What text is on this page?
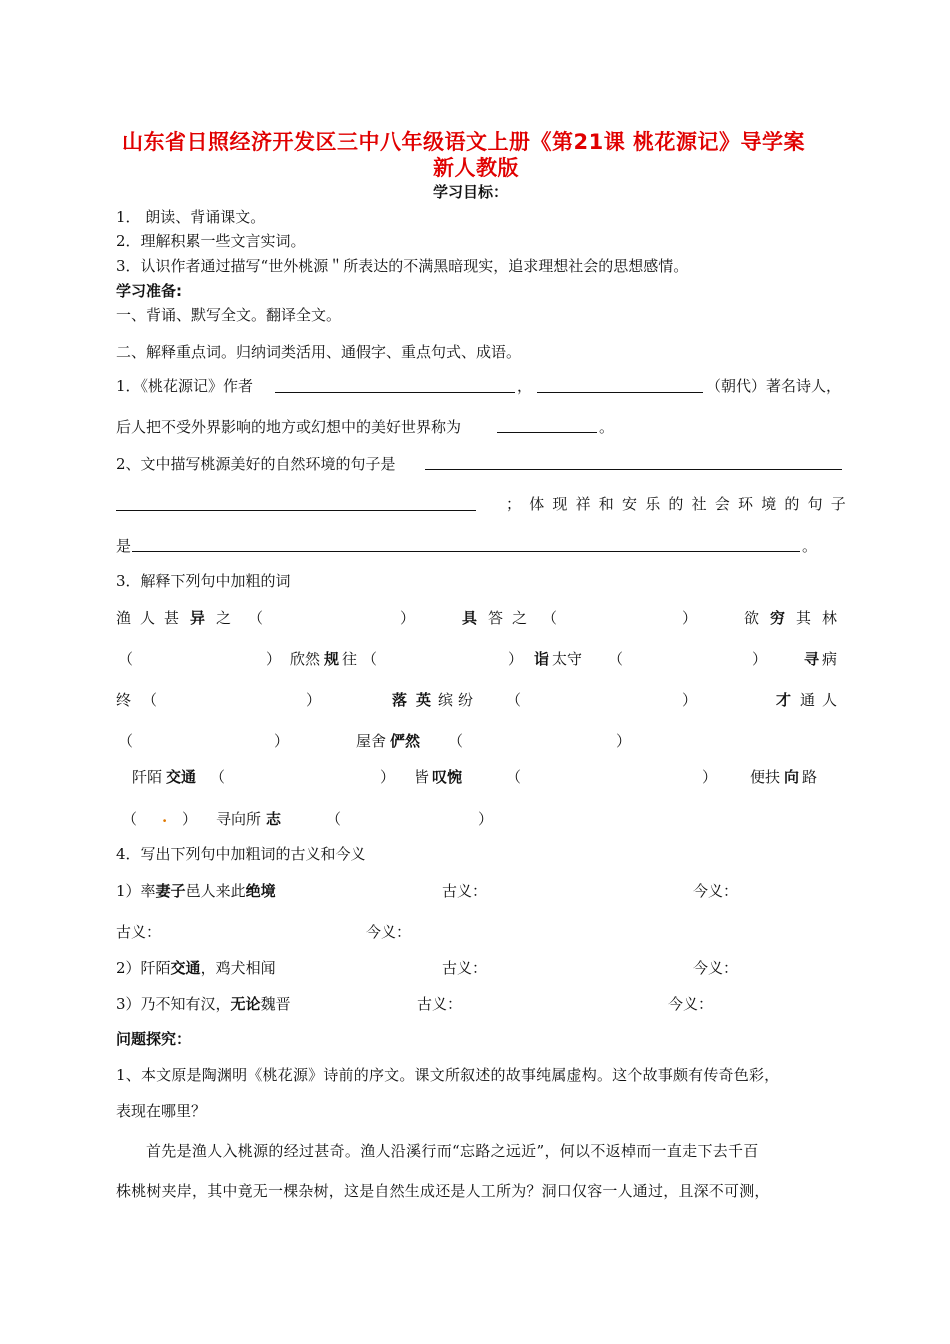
山东省日照经济开发区三中八年级语文上册《第21课 桃花源记》导学案
新人教版
学习目标：
1． 朗读、背诵课文。
2．理解积累一些文言实词。
3．认识作者通过描写“世外桃源＂所表达的不满黑暗现实，追求理想社会的思想感情。
学习准备:
一、背诵、默写全文。翻译全文。
二、解释重点词。归纳词类活用、通假字、重点句式、成语。
1．《桃花源记》作者	，	（朝代）著名诗人，
后人把不受外界影响的地方或幻想中的美好世界称为	。
2、文中描写桃源美好的自然环境的句子是
；体现祥和安乐的社会环境的句子
是	。
3．解释下列句中加粗的词
渔 人 甚 异 之 （	）	具 答 之 （	）	欲 穷 其 林
（	） 欣然 规 往 （	） 诣 太守 （	） 寻 病
终 （	）	落 英 缤 纷 （	）	才 通 人
（	）	屋舍 俨然 （	）
阡陌 交通 （	） 皆 叹惋	（	） 便扶 向 路
（ . ） 寻向所 志	（	）
4．写出下列句中加粗词的古义和今义
1）率妻子邑人来此绝境	古义：	今义：
古义：	今义：
2）阡陌交通，鸡犬相闻	古义：	今义：
3）乃不知有汉，无论魏晋	古义：	今义：
问题探究：
1、本文原是陶渊明《桃花源》诗前的序文。课文所叙述的故事纯属虚构。这个故事颇有传奇色彩，
表现在哪里？
首先是渔人入桃源的经过甚奇。渔人沿溪行而“忘路之远近”，何以不返棹而一直走下去千百
株桃树夹岸，其中竟无一棵杂树，这是自然生成还是人工所为？洞口仅容一人通过，且深不可测，
